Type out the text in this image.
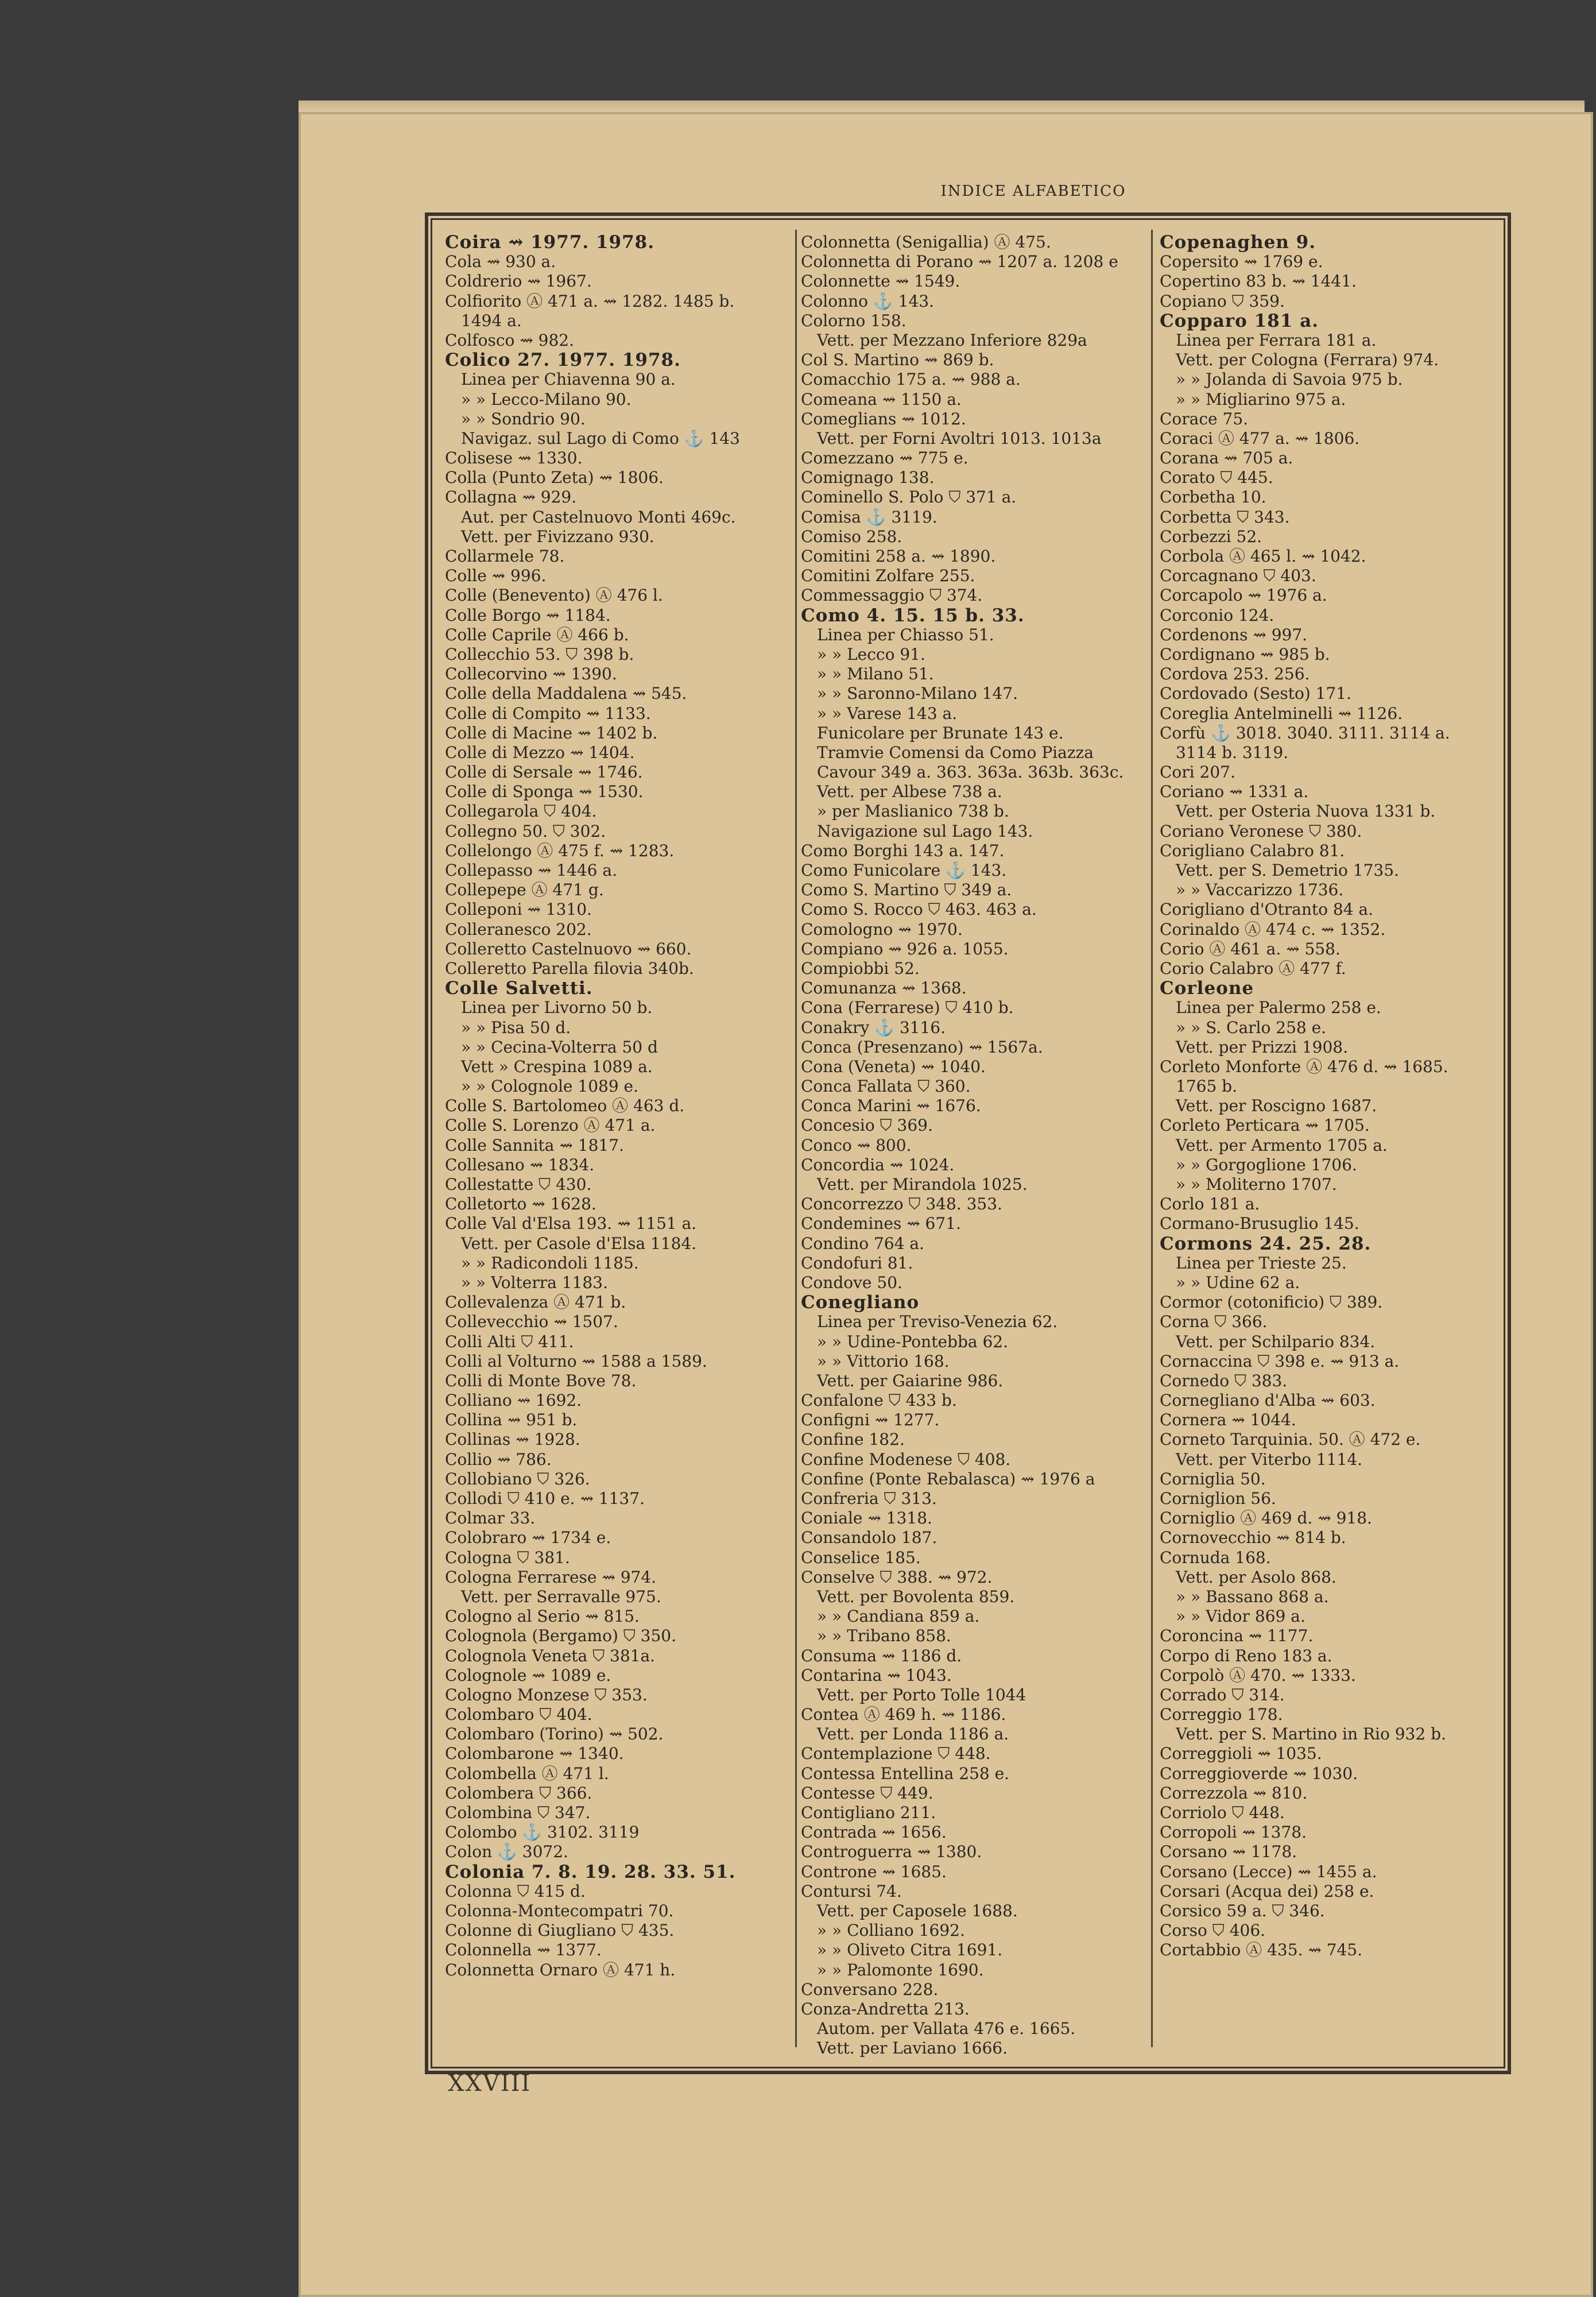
INDICE ALFABETICO
Coira ⇝ 1977. 1978.
Cola ⇝ 930 a.
Coldrerio ⇝ 1967.
Colfiorito Ⓐ 471 a. ⇝ 1282. 1485 b.
1494 a.
Colfosco ⇝ 982.
Colico 27. 1977. 1978.
Linea per Chiavenna 90 a.
» » Lecco-Milano 90.
» » Sondrio 90.
Navigaz. sul Lago di Como ⚓ 143
Colisese ⇝ 1330.
Colla (Punto Zeta) ⇝ 1806.
Collagna ⇝ 929.
Aut. per Castelnuovo Monti 469c.
Vett. per Fivizzano 930.
Collarmele 78.
Colle ⇝ 996.
Colle (Benevento) Ⓐ 476 l.
Colle Borgo ⇝ 1184.
Colle Caprile Ⓐ 466 b.
Collecchio 53. ⛉ 398 b.
Collecorvino ⇝ 1390.
Colle della Maddalena ⇝ 545.
Colle di Compito ⇝ 1133.
Colle di Macine ⇝ 1402 b.
Colle di Mezzo ⇝ 1404.
Colle di Sersale ⇝ 1746.
Colle di Sponga ⇝ 1530.
Collegarola ⛉ 404.
Collegno 50. ⛉ 302.
Collelongo Ⓐ 475 f. ⇝ 1283.
Collepasso ⇝ 1446 a.
Collepepe Ⓐ 471 g.
Colleponi ⇝ 1310.
Colleranesco 202.
Colleretto Castelnuovo ⇝ 660.
Colleretto Parella filovia 340b.
Colle Salvetti.
Linea per Livorno 50 b.
» » Pisa 50 d.
» » Cecina-Volterra 50 d
Vett » Crespina 1089 a.
» » Colognole 1089 e.
Colle S. Bartolomeo Ⓐ 463 d.
Colle S. Lorenzo Ⓐ 471 a.
Colle Sannita ⇝ 1817.
Collesano ⇝ 1834.
Collestatte ⛉ 430.
Colletorto ⇝ 1628.
Colle Val d'Elsa 193. ⇝ 1151 a.
Vett. per Casole d'Elsa 1184.
» » Radicondoli 1185.
» » Volterra 1183.
Collevalenza Ⓐ 471 b.
Collevecchio ⇝ 1507.
Colli Alti ⛉ 411.
Colli al Volturno ⇝ 1588 a 1589.
Colli di Monte Bove 78.
Colliano ⇝ 1692.
Collina ⇝ 951 b.
Collinas ⇝ 1928.
Collio ⇝ 786.
Collobiano ⛉ 326.
Collodi ⛉ 410 e. ⇝ 1137.
Colmar 33.
Colobraro ⇝ 1734 e.
Cologna ⛉ 381.
Cologna Ferrarese ⇝ 974.
Vett. per Serravalle 975.
Cologno al Serio ⇝ 815.
Colognola (Bergamo) ⛉ 350.
Colognola Veneta ⛉ 381a.
Colognole ⇝ 1089 e.
Cologno Monzese ⛉ 353.
Colombaro ⛉ 404.
Colombaro (Torino) ⇝ 502.
Colombarone ⇝ 1340.
Colombella Ⓐ 471 l.
Colombera ⛉ 366.
Colombina ⛉ 347.
Colombo ⚓ 3102. 3119
Colon ⚓ 3072.
Colonia 7. 8. 19. 28. 33. 51.
Colonna ⛉ 415 d.
Colonna-Montecompatri 70.
Colonne di Giugliano ⛉ 435.
Colonnella ⇝ 1377.
Colonnetta Ornaro Ⓐ 471 h.
Colonnetta (Senigallia) Ⓐ 475.
Colonnetta di Porano ⇝ 1207 a. 1208 e
Colonnette ⇝ 1549.
Colonno ⚓ 143.
Colorno 158.
Vett. per Mezzano Inferiore 829a
Col S. Martino ⇝ 869 b.
Comacchio 175 a. ⇝ 988 a.
Comeana ⇝ 1150 a.
Comeglians ⇝ 1012.
Vett. per Forni Avoltri 1013. 1013a
Comezzano ⇝ 775 e.
Comignago 138.
Cominello S. Polo ⛉ 371 a.
Comisa ⚓ 3119.
Comiso 258.
Comitini 258 a. ⇝ 1890.
Comitini Zolfare 255.
Commessaggio ⛉ 374.
Como 4. 15. 15 b. 33.
Linea per Chiasso 51.
» » Lecco 91.
» » Milano 51.
» » Saronno-Milano 147.
» » Varese 143 a.
Funicolare per Brunate 143 e.
Tramvie Comensi da Como Piazza
Cavour 349 a. 363. 363a. 363b. 363c.
Vett. per Albese 738 a.
» per Maslianico 738 b.
Navigazione sul Lago 143.
Como Borghi 143 a. 147.
Como Funicolare ⚓ 143.
Como S. Martino ⛉ 349 a.
Como S. Rocco ⛉ 463. 463 a.
Comologno ⇝ 1970.
Compiano ⇝ 926 a. 1055.
Compiobbi 52.
Comunanza ⇝ 1368.
Cona (Ferrarese) ⛉ 410 b.
Conakry ⚓ 3116.
Conca (Presenzano) ⇝ 1567a.
Cona (Veneta) ⇝ 1040.
Conca Fallata ⛉ 360.
Conca Marini ⇝ 1676.
Concesio ⛉ 369.
Conco ⇝ 800.
Concordia ⇝ 1024.
Vett. per Mirandola 1025.
Concorrezzo ⛉ 348. 353.
Condemines ⇝ 671.
Condino 764 a.
Condofuri 81.
Condove 50.
Conegliano
Linea per Treviso-Venezia 62.
» » Udine-Pontebba 62.
» » Vittorio 168.
Vett. per Gaiarine 986.
Confalone ⛉ 433 b.
Configni ⇝ 1277.
Confine 182.
Confine Modenese ⛉ 408.
Confine (Ponte Rebalasca) ⇝ 1976 a
Confreria ⛉ 313.
Coniale ⇝ 1318.
Consandolo 187.
Conselice 185.
Conselve ⛉ 388. ⇝ 972.
Vett. per Bovolenta 859.
» » Candiana 859 a.
» » Tribano 858.
Consuma ⇝ 1186 d.
Contarina ⇝ 1043.
Vett. per Porto Tolle 1044
Contea Ⓐ 469 h. ⇝ 1186.
Vett. per Londa 1186 a.
Contemplazione ⛉ 448.
Contessa Entellina 258 e.
Contesse ⛉ 449.
Contigliano 211.
Contrada ⇝ 1656.
Controguerra ⇝ 1380.
Controne ⇝ 1685.
Contursi 74.
Vett. per Caposele 1688.
» » Colliano 1692.
» » Oliveto Citra 1691.
» » Palomonte 1690.
Conversano 228.
Conza-Andretta 213.
Autom. per Vallata 476 e. 1665.
Vett. per Laviano 1666.
Copenaghen 9.
Copersito ⇝ 1769 e.
Copertino 83 b. ⇝ 1441.
Copiano ⛉ 359.
Copparo 181 a.
Linea per Ferrara 181 a.
Vett. per Cologna (Ferrara) 974.
» » Jolanda di Savoia 975 b.
» » Migliarino 975 a.
Corace 75.
Coraci Ⓐ 477 a. ⇝ 1806.
Corana ⇝ 705 a.
Corato ⛉ 445.
Corbetha 10.
Corbetta ⛉ 343.
Corbezzi 52.
Corbola Ⓐ 465 l. ⇝ 1042.
Corcagnano ⛉ 403.
Corcapolo ⇝ 1976 a.
Corconio 124.
Cordenons ⇝ 997.
Cordignano ⇝ 985 b.
Cordova 253. 256.
Cordovado (Sesto) 171.
Coreglia Antelminelli ⇝ 1126.
Corfù ⚓ 3018. 3040. 3111. 3114 a.
3114 b. 3119.
Cori 207.
Coriano ⇝ 1331 a.
Vett. per Osteria Nuova 1331 b.
Coriano Veronese ⛉ 380.
Corigliano Calabro 81.
Vett. per S. Demetrio 1735.
» » Vaccarizzo 1736.
Corigliano d'Otranto 84 a.
Corinaldo Ⓐ 474 c. ⇝ 1352.
Corio Ⓐ 461 a. ⇝ 558.
Corio Calabro Ⓐ 477 f.
Corleone
Linea per Palermo 258 e.
» » S. Carlo 258 e.
Vett. per Prizzi 1908.
Corleto Monforte Ⓐ 476 d. ⇝ 1685.
1765 b.
Vett. per Roscigno 1687.
Corleto Perticara ⇝ 1705.
Vett. per Armento 1705 a.
» » Gorgoglione 1706.
» » Moliterno 1707.
Corlo 181 a.
Cormano-Brusuglio 145.
Cormons 24. 25. 28.
Linea per Trieste 25.
» » Udine 62 a.
Cormor (cotonificio) ⛉ 389.
Corna ⛉ 366.
Vett. per Schilpario 834.
Cornaccina ⛉ 398 e. ⇝ 913 a.
Cornedo ⛉ 383.
Cornegliano d'Alba ⇝ 603.
Cornera ⇝ 1044.
Corneto Tarquinia. 50. Ⓐ 472 e.
Vett. per Viterbo 1114.
Corniglia 50.
Corniglion 56.
Corniglio Ⓐ 469 d. ⇝ 918.
Cornovecchio ⇝ 814 b.
Cornuda 168.
Vett. per Asolo 868.
» » Bassano 868 a.
» » Vidor 869 a.
Coroncina ⇝ 1177.
Corpo di Reno 183 a.
Corpolò Ⓐ 470. ⇝ 1333.
Corrado ⛉ 314.
Correggio 178.
Vett. per S. Martino in Rio 932 b.
Correggioli ⇝ 1035.
Correggioverde ⇝ 1030.
Correzzola ⇝ 810.
Corriolo ⛉ 448.
Corropoli ⇝ 1378.
Corsano ⇝ 1178.
Corsano (Lecce) ⇝ 1455 a.
Corsari (Acqua dei) 258 e.
Corsico 59 a. ⛉ 346.
Corso ⛉ 406.
Cortabbio Ⓐ 435. ⇝ 745.
XXVIII
